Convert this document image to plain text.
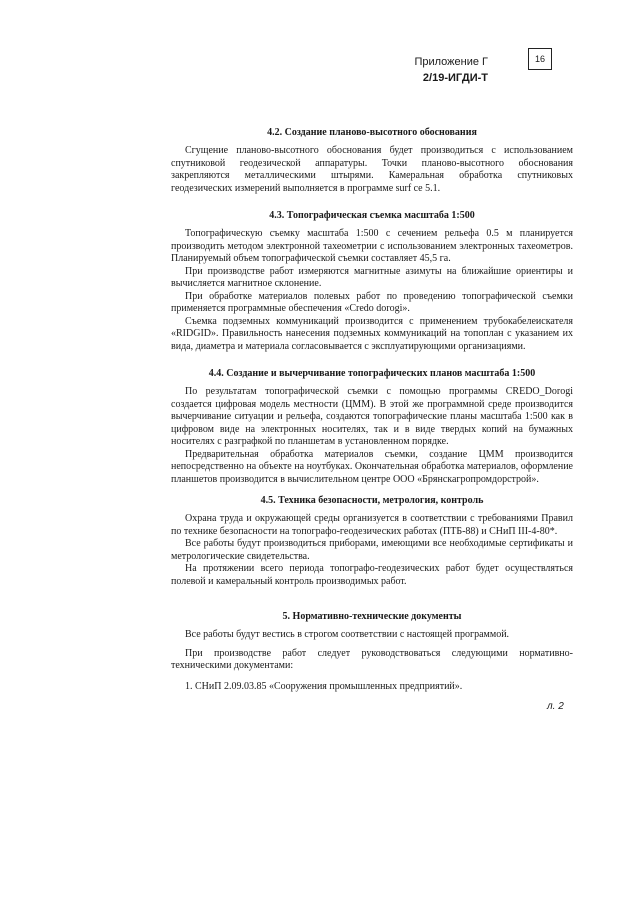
Приложение Г
2/19-ИГДИ-Т
16
4.2. Создание планово-высотного обоснования

Сгущение планово-высотного обоснования будет производиться с использованием спутниковой геодезической аппаратуры. Точки планово-высотного обоснования закрепляются металлическими штырями. Камеральная обработка спутниковых геодезических измерений выполняется в программе surf ce 5.1.

4.3. Топографическая съемка масштаба 1:500

Топографическую съемку масштаба 1:500 с сечением рельефа 0.5 м планируется производить методом электронной тахеометрии с использованием электронных тахеометров. Планируемый объем топографической съемки составляет 45,5 га.

При производстве работ измеряются магнитные азимуты на ближайшие ориентиры и вычисляется магнитное склонение.

При обработке материалов полевых работ по проведению топографической съемки применяется программные обеспечения «Credo dorogi».

Съемка подземных коммуникаций производится с применением трубокабелеискателя «RIDGID». Правильность нанесения подземных коммуникаций на топоплан с указанием их вида, диаметра и материала согласовывается с эксплуатирующими организациями.

4.4. Создание и вычерчивание топографических планов масштаба 1:500

По результатам топографической съемки с помощью программы CREDO_Dorogi создается цифровая модель местности (ЦММ). В этой же программной среде производится вычерчивание ситуации и рельефа, создаются топографические планы масштаба 1:500 как в цифровом виде на электронных носителях, так и в виде твердых копий на бумажных носителях с разграфкой по планшетам в установленном порядке.

Предварительная обработка материалов съемки, создание ЦММ производится непосредственно на объекте на ноутбуках. Окончательная обработка материалов, оформление планшетов производится в вычислительном центре ООО «Брянскагропромдорстрой».

4.5. Техника безопасности, метрология, контроль

Охрана труда и окружающей среды организуется в соответствии с требованиями Правил по технике безопасности на топографо-геодезических работах (ПТБ-88) и СНиП III-4-80*.

Все работы будут производиться приборами, имеющими все необходимые сертификаты и метрологические свидетельства.

На протяжении всего периода топографо-геодезических работ будет осуществляться полевой и камеральный контроль производимых работ.

5. Нормативно-технические документы

Все работы будут вестись в строгом соответствии с настоящей программой.

При производстве работ следует руководствоваться следующими нормативно-техническими документами:

1. СНиП 2.09.03.85 «Сооружения промышленных предприятий».
л. 2
